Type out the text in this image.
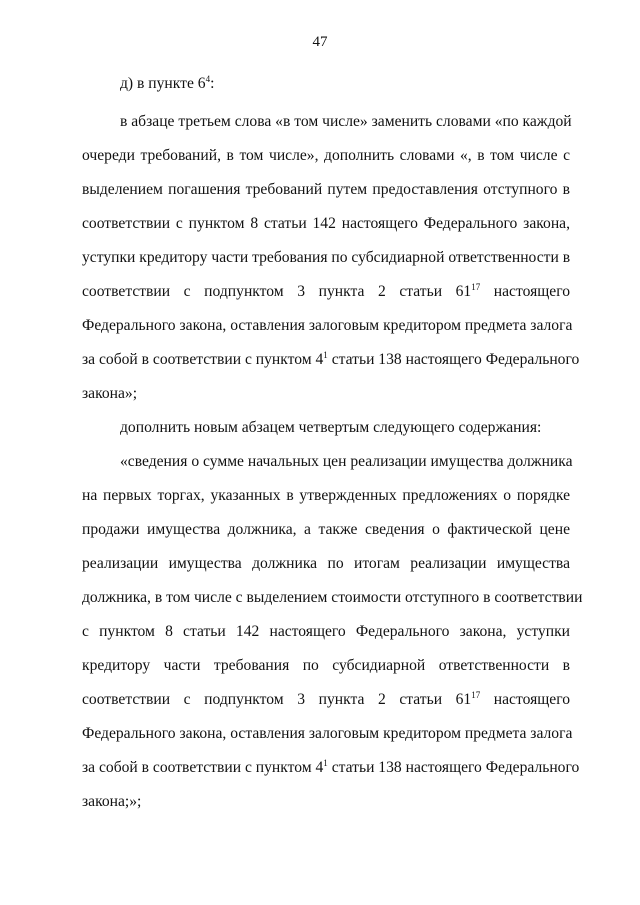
47
д) в пункте $6^4$:
в абзаце третьем слова «в том числе» заменить словами «по каждой
очереди требований, в том числе», дополнить словами «, в том числе с
выделением погашения требований путем предоставления отступного в
соответствии с пунктом 8 статьи 142 настоящего Федерального закона,
уступки кредитору части требования по субсидиарной ответственности в
соответствии с подпунктом 3 пункта 2 статьи $61^{17}$ настоящего
Федерального закона, оставления залоговым кредитором предмета залога
за собой в соответствии с пунктом $4^1$ статьи 138 настоящего Федерального
закона»;
дополнить новым абзацем четвертым следующего содержания:
«сведения о сумме начальных цен реализации имущества должника
на первых торгах, указанных в утвержденных предложениях о порядке
продажи имущества должника, а также сведения о фактической цене
реализации имущества должника по итогам реализации имущества
должника, в том числе с выделением стоимости отступного в соответствии
с пунктом 8 статьи 142 настоящего Федерального закона, уступки
кредитору части требования по субсидиарной ответственности в
соответствии с подпунктом 3 пункта 2 статьи $61^{17}$ настоящего
Федерального закона, оставления залоговым кредитором предмета залога
за собой в соответствии с пунктом $4^1$ статьи 138 настоящего Федерального
закона;»;
